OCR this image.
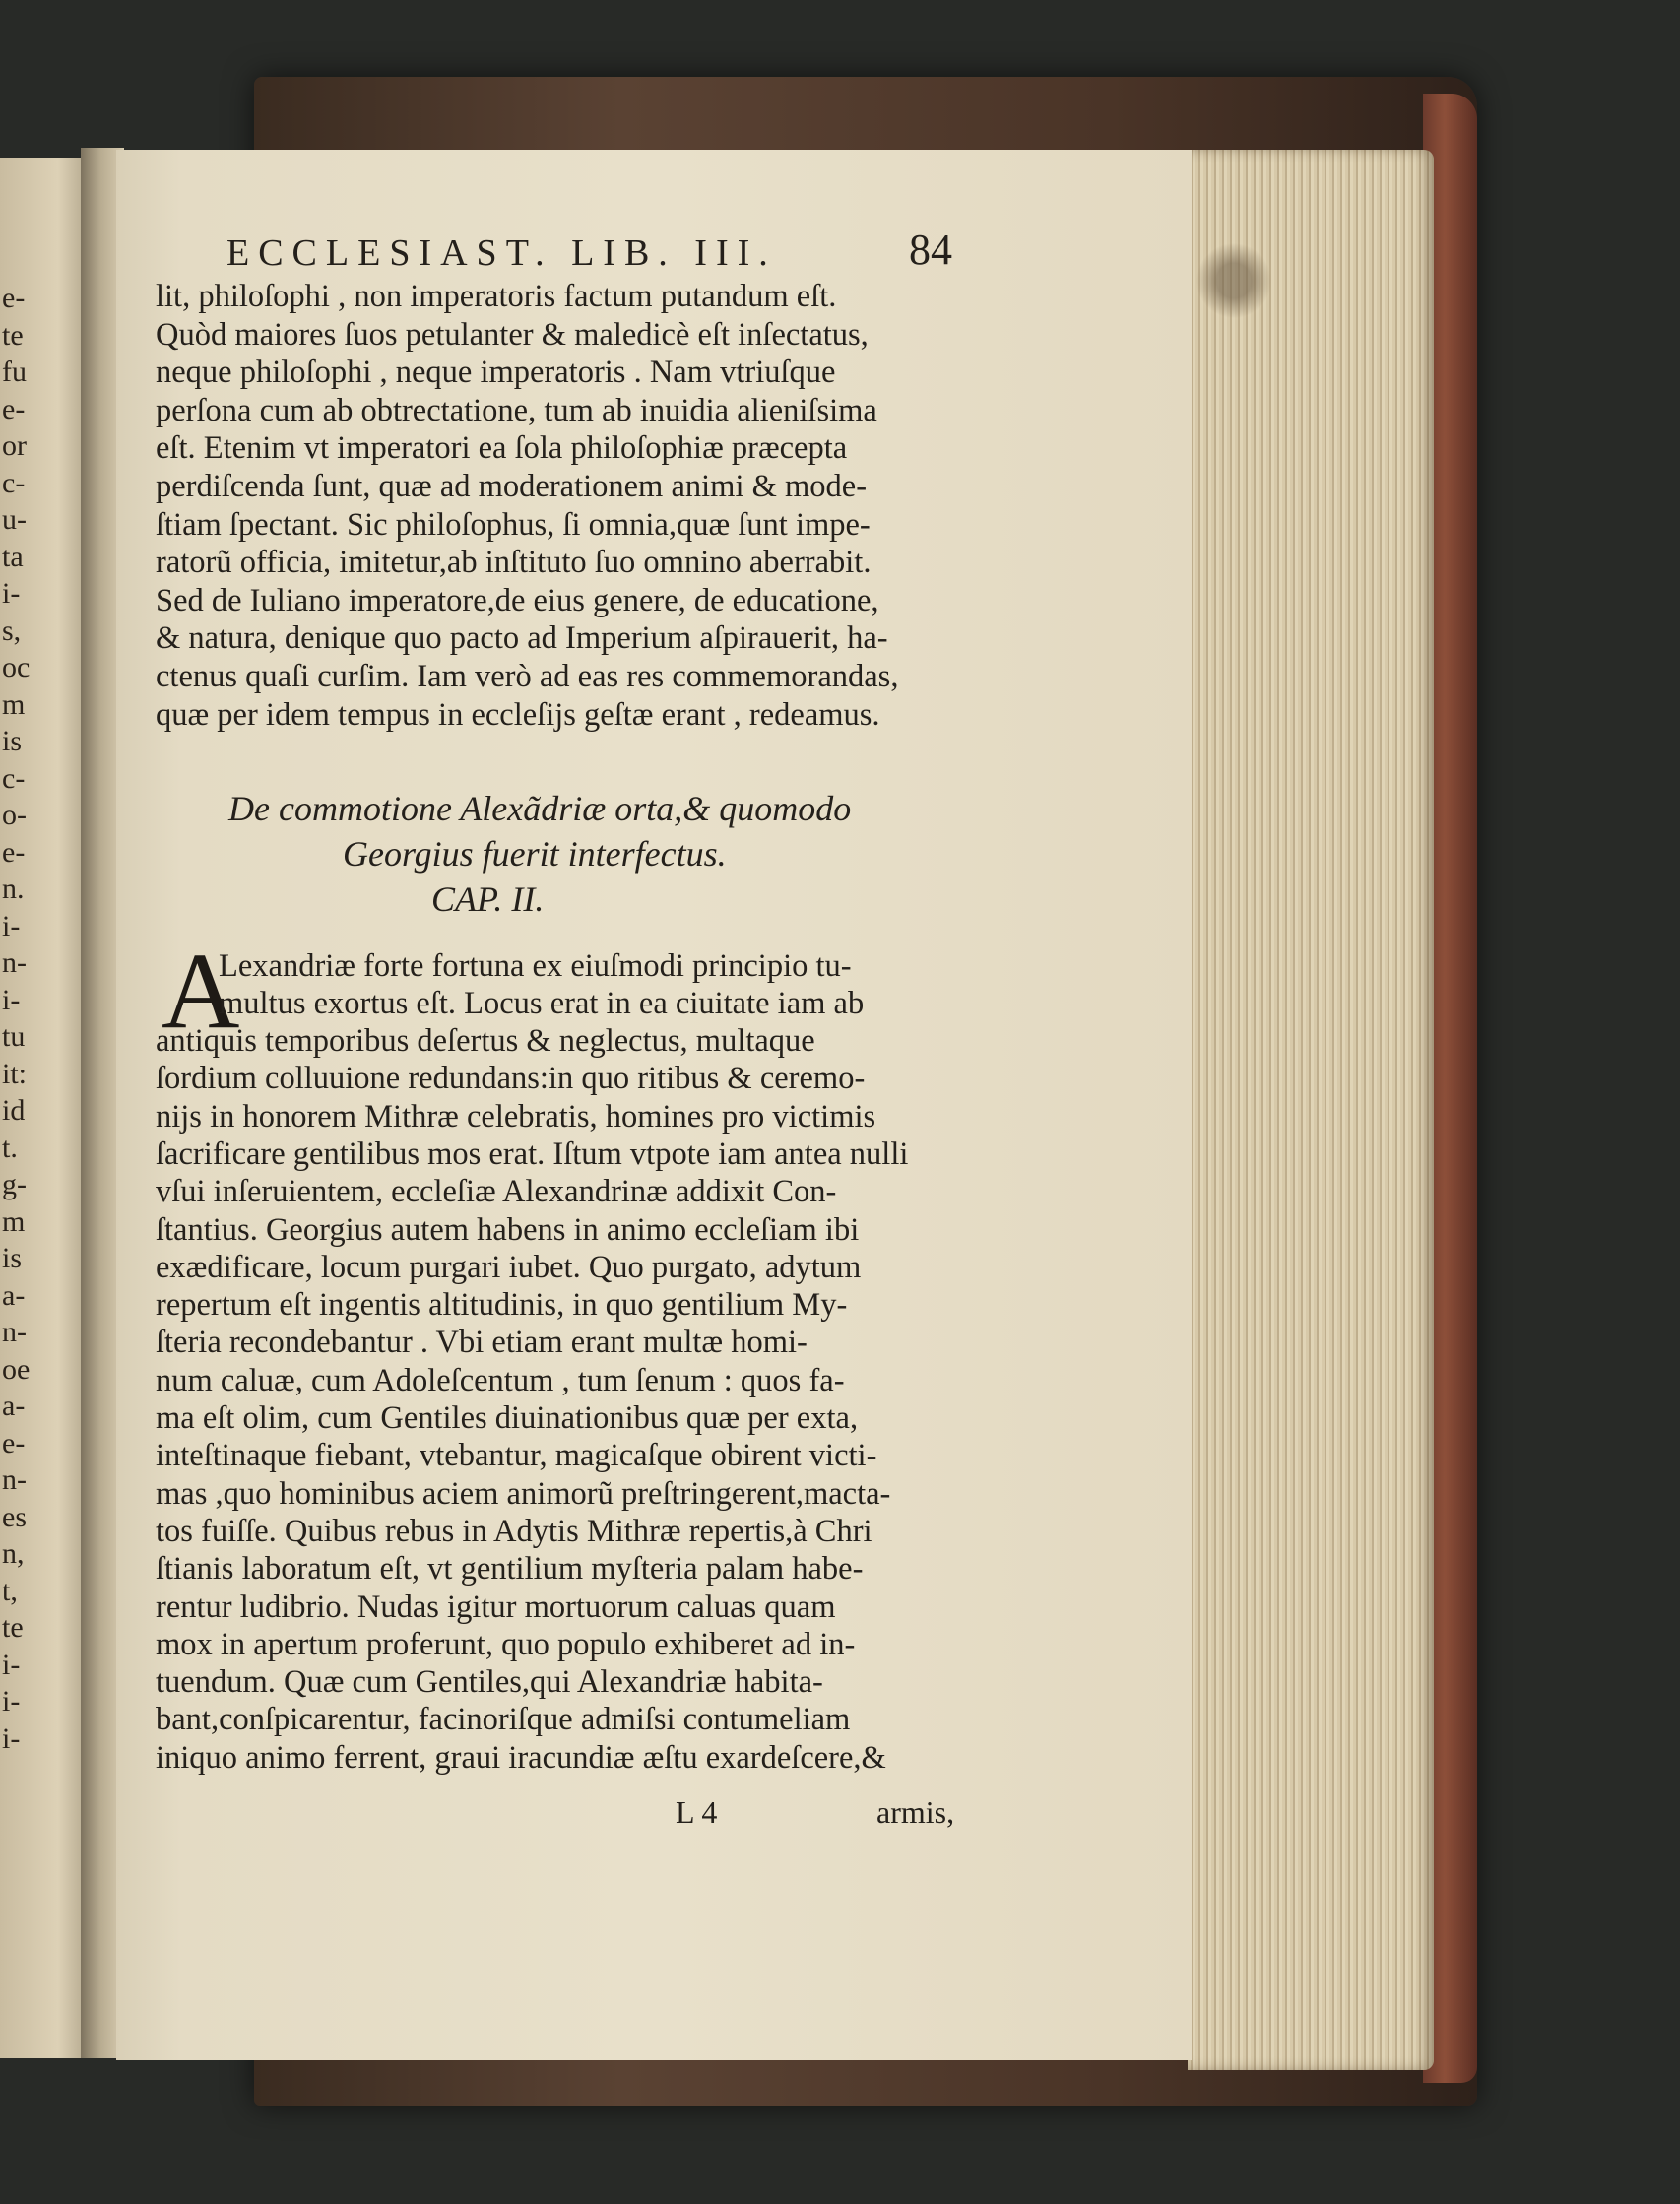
e-
te
fu
e-
or
c-
u-
ta
i-
s,
oc
m
is
c-
o-
e-
n.
i-
n-
i-
tu
it:
id
t.
g-
m
is
a-
n-
oe
a-
e-
n-
es
n,
t,
te
i-
i-
i-
ECCLESIAST. LIB. III.	84
lit, philoſophi , non imperatoris factum putandum eſt.
Quòd maiores ſuos petulanter & maledicè eſt inſectatus,
neque philoſophi , neque imperatoris . Nam vtriuſque
perſona cum ab obtrectatione, tum ab inuidia alieniſsima
eſt. Etenim vt imperatori ea ſola philoſophiæ præcepta
perdiſcenda ſunt, quæ ad moderationem animi & mode-
ſtiam ſpectant. Sic philoſophus, ſi omnia,quæ ſunt impe-
ratorũ officia, imitetur,ab inſtituto ſuo omnino aberrabit.
Sed de Iuliano imperatore,de eius genere, de educatione,
& natura, denique quo pacto ad Imperium aſpirauerit, ha-
ctenus quaſi curſim. Iam verò ad eas res commemorandas,
quæ per idem tempus in eccleſijs geſtæ erant , redeamus.
De commotione Alexãdriæ orta,& quomodo
Georgius fuerit interfectus.
CAP. II.
A
Lexandriæ forte fortuna ex eiuſmodi principio tu-
multus exortus eſt. Locus erat in ea ciuitate iam ab
antiquis temporibus deſertus & neglectus, multaque
ſordium colluuione redundans:in quo ritibus & ceremo-
nijs in honorem Mithræ celebratis, homines pro victimis
ſacrificare gentilibus mos erat. Iſtum vtpote iam antea nulli
vſui inſeruientem, eccleſiæ Alexandrinæ addixit Con-
ſtantius. Georgius autem habens in animo eccleſiam ibi
exædificare, locum purgari iubet. Quo purgato, adytum
repertum eſt ingentis altitudinis, in quo gentilium My-
ſteria recondebantur . Vbi etiam erant multæ homi-
num caluæ, cum Adoleſcentum , tum ſenum : quos fa-
ma eſt olim, cum Gentiles diuinationibus quæ per exta,
inteſtinaque fiebant, vtebantur, magicaſque obirent victi-
mas ,quo hominibus aciem animorũ preſtringerent,macta-
tos fuiſſe. Quibus rebus in Adytis Mithræ repertis,à Chri
ſtianis laboratum eſt, vt gentilium myſteria palam habe-
rentur ludibrio. Nudas igitur mortuorum caluas quam
mox in apertum proferunt, quo populo exhiberet ad in-
tuendum. Quæ cum Gentiles,qui Alexandriæ habita-
bant,conſpicarentur, facinoriſque admiſsi contumeliam
iniquo animo ferrent, graui iracundiæ æſtu exardeſcere,&
L 4	armis,
